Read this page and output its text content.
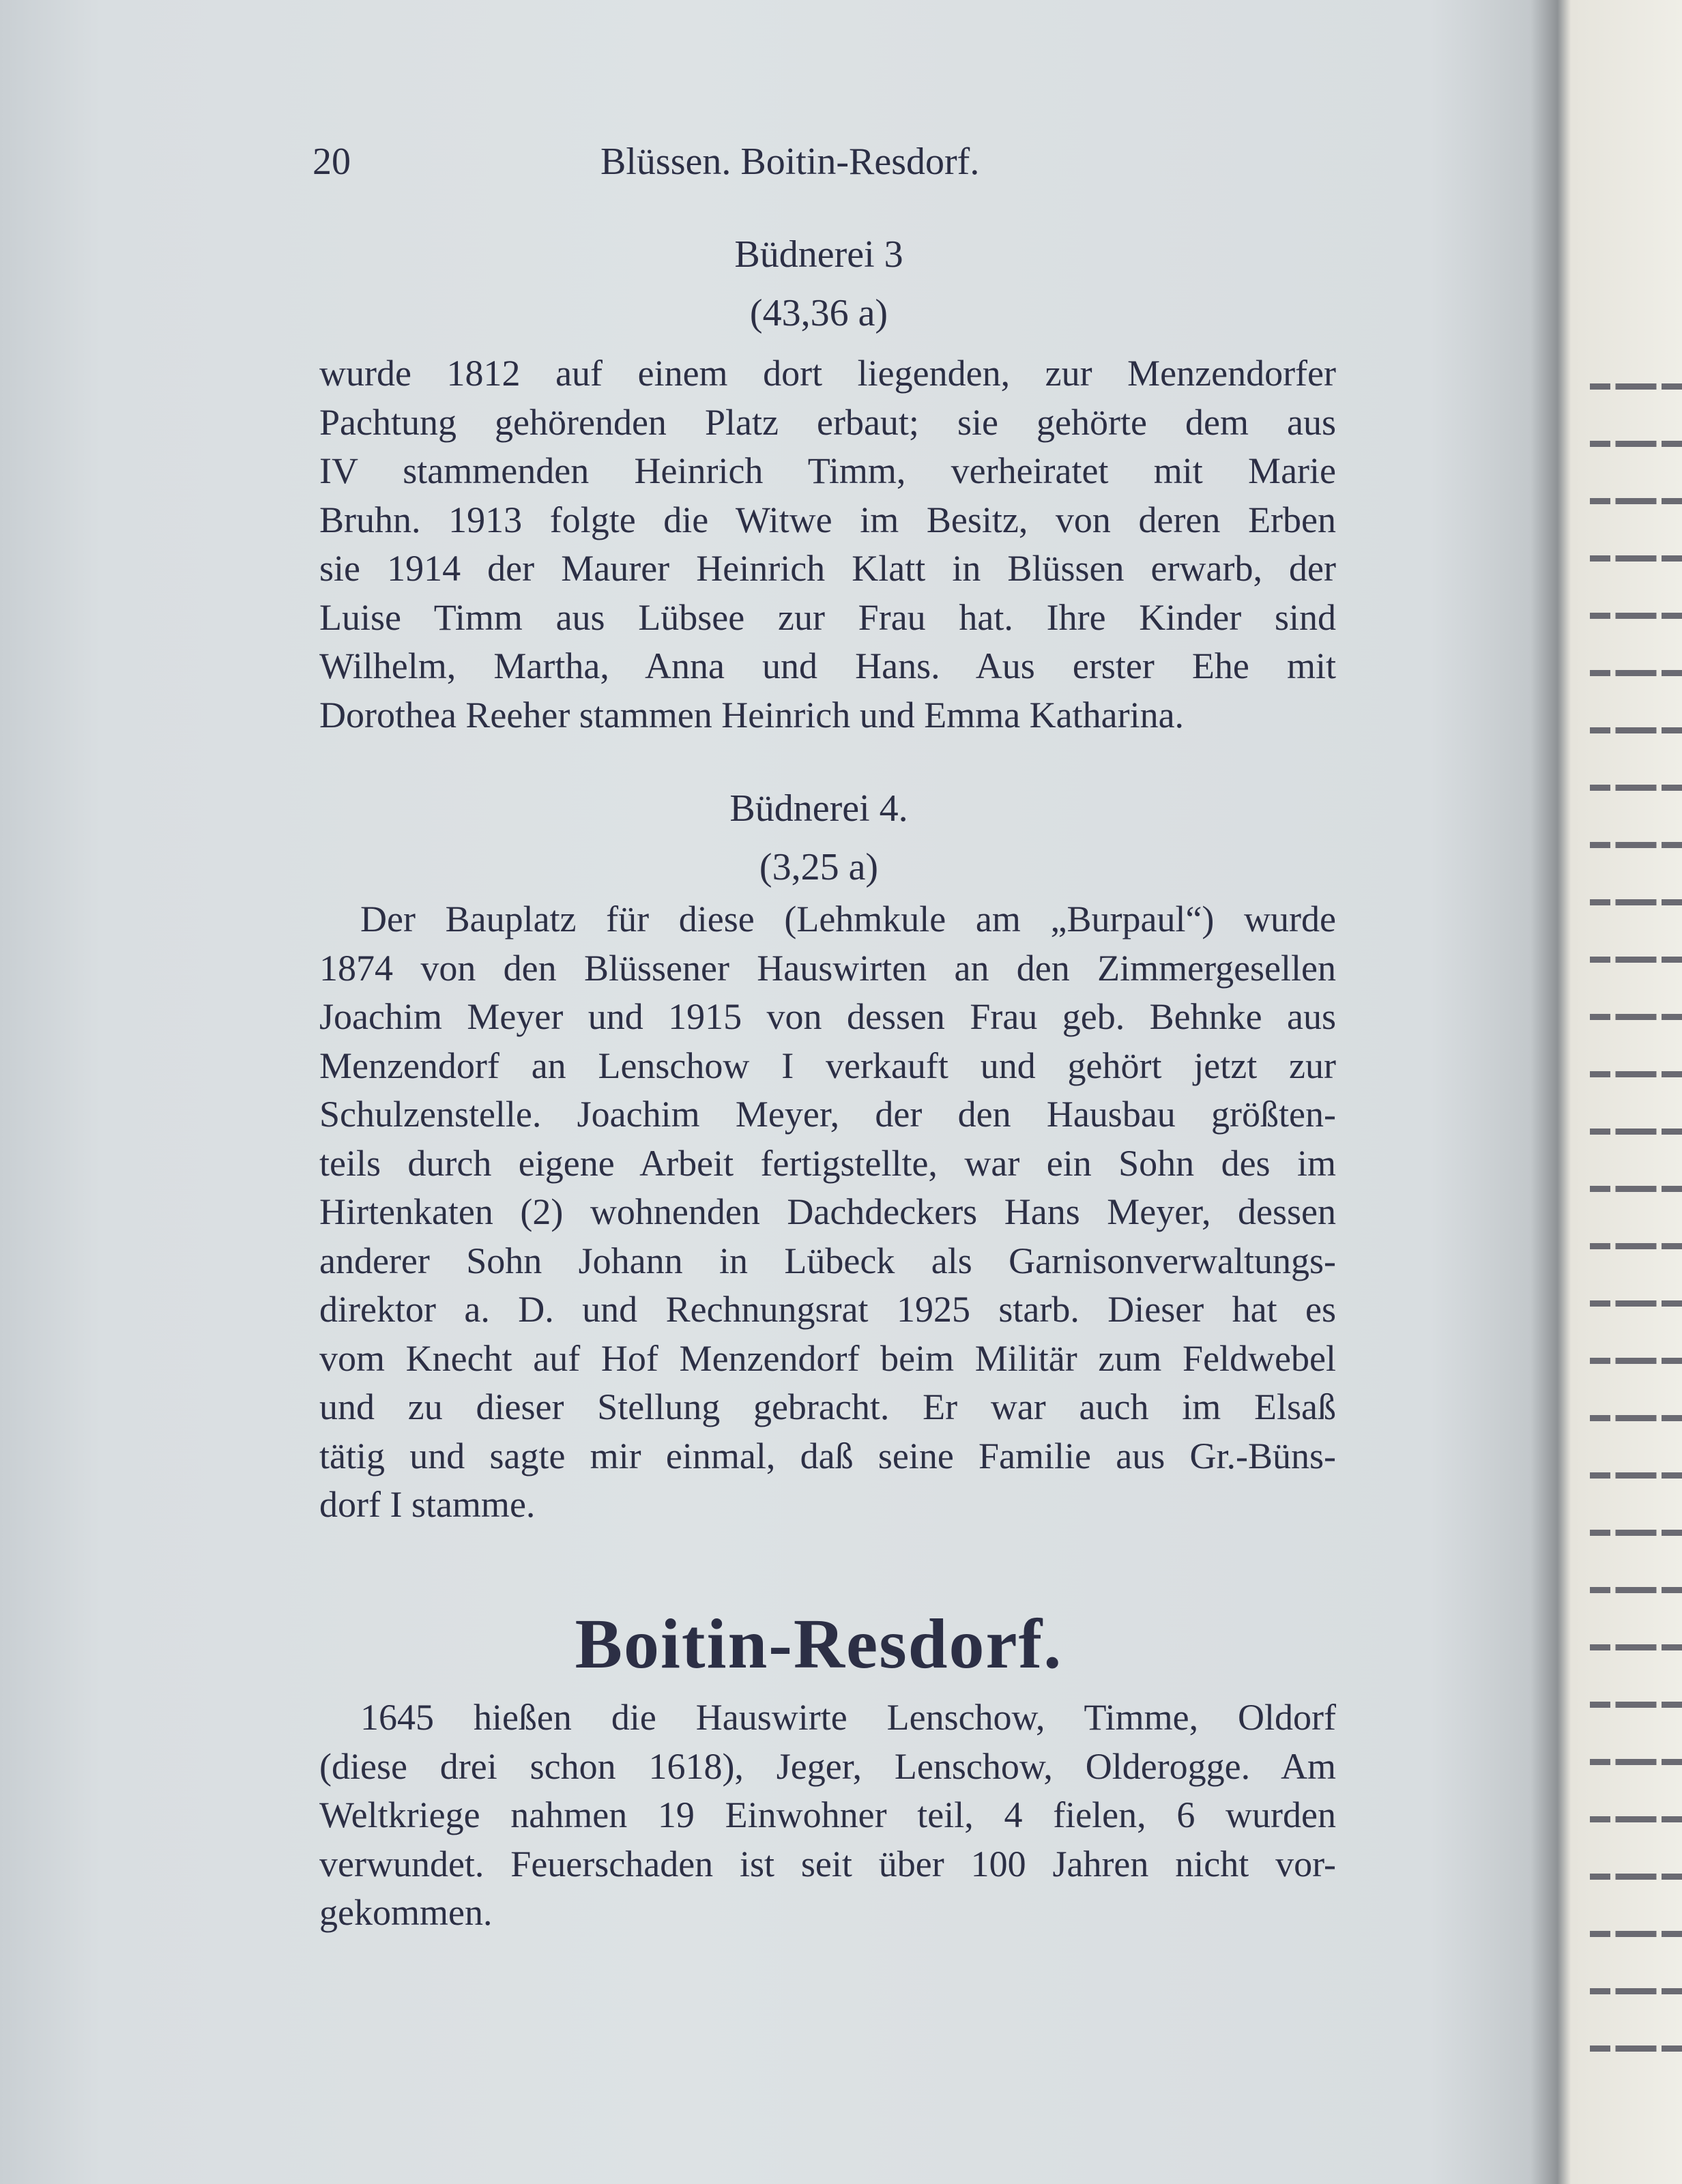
20	Blüssen. Boitin-Resdorf.
Büdnerei 3
(43,36 a)
wurde 1812 auf einem dort liegenden, zur Menzendorfer
Pachtung gehörenden Platz erbaut; sie gehörte dem aus
IV stammenden Heinrich Timm, verheiratet mit Marie
Bruhn. 1913 folgte die Witwe im Besitz, von deren Erben
sie 1914 der Maurer Heinrich Klatt in Blüssen erwarb, der
Luise Timm aus Lübsee zur Frau hat. Ihre Kinder sind
Wilhelm, Martha, Anna und Hans. Aus erster Ehe mit
Dorothea Reeher stammen Heinrich und Emma Katharina.
Büdnerei 4.
(3,25 a)
Der Bauplatz für diese (Lehmkule am „Burpaul“) wurde
1874 von den Blüssener Hauswirten an den Zimmergesellen
Joachim Meyer und 1915 von dessen Frau geb. Behnke aus
Menzendorf an Lenschow I verkauft und gehört jetzt zur
Schulzenstelle. Joachim Meyer, der den Hausbau größten-
teils durch eigene Arbeit fertigstellte, war ein Sohn des im
Hirtenkaten (2) wohnenden Dachdeckers Hans Meyer, dessen
anderer Sohn Johann in Lübeck als Garnisonverwaltungs-
direktor a. D. und Rechnungsrat 1925 starb. Dieser hat es
vom Knecht auf Hof Menzendorf beim Militär zum Feldwebel
und zu dieser Stellung gebracht. Er war auch im Elsaß
tätig und sagte mir einmal, daß seine Familie aus Gr.-Büns-
dorf I stamme.
Boitin-Resdorf.
1645 hießen die Hauswirte Lenschow, Timme, Oldorf
(diese drei schon 1618), Jeger, Lenschow, Olderogge. Am
Weltkriege nahmen 19 Einwohner teil, 4 fielen, 6 wurden
verwundet. Feuerschaden ist seit über 100 Jahren nicht vor-
gekommen.
▬ ▬▬ ▬
▬ ▬▬ ▬
▬ ▬▬ ▬
▬ ▬▬ ▬
▬ ▬▬ ▬
▬ ▬▬ ▬
▬ ▬▬ ▬
▬ ▬▬ ▬
▬ ▬▬ ▬
▬ ▬▬ ▬
▬ ▬▬ ▬
▬ ▬▬ ▬
▬ ▬▬ ▬
▬ ▬▬ ▬
▬ ▬▬ ▬
▬ ▬▬ ▬
▬ ▬▬ ▬
▬ ▬▬ ▬
▬ ▬▬ ▬
▬ ▬▬ ▬
▬ ▬▬ ▬
▬ ▬▬ ▬
▬ ▬▬ ▬
▬ ▬▬ ▬
▬ ▬▬ ▬
▬ ▬▬ ▬
▬ ▬▬ ▬
▬ ▬▬ ▬
▬ ▬▬ ▬
▬ ▬▬ ▬
